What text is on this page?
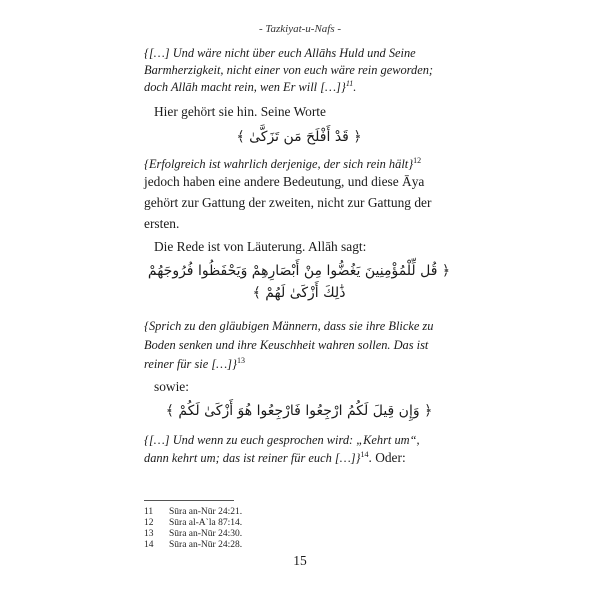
- Tazkiyat-u-Nafs -
{[…] Und wäre nicht über euch Allāhs Huld und Seine
Barmherzigkeit, nicht einer von euch wäre rein geworden;
doch Allāh macht rein, wen Er will […]}$^{11}$.
Hier gehört sie hin. Seine Worte
﴿ قَدْ أَفْلَحَ مَن تَزَكَّىٰ ﴾
{Erfolgreich ist wahrlich derjenige, der sich rein hält}$^{12}$
jedoch haben eine andere Bedeutung, und diese Āya
gehört zur Gattung der zweiten, nicht zur Gattung der
ersten.
Die Rede ist von Läuterung. Allāh sagt:
﴿ قُل لِّلْمُؤْمِنِينَ يَغُضُّوا مِنْ أَبْصَارِهِمْ وَيَحْفَظُوا فُرُوجَهُمْ
ذَٰلِكَ أَزْكَىٰ لَهُمْ ﴾
{Sprich zu den gläubigen Männern, dass sie ihre Blicke zu
Boden senken und ihre Keuschheit wahren sollen. Das ist
reiner für sie […]}$^{13}$
sowie:
﴿ وَإِن قِيلَ لَكُمُ ارْجِعُوا فَارْجِعُوا هُوَ أَزْكَىٰ لَكُمْ ﴾
{[…] Und wenn zu euch gesprochen wird: „Kehrt um“,
dann kehrt um; das ist reiner für euch […]}$^{14}$. Oder:
11 Sūra an-Nūr 24:21.
12 Sūra al-A`la 87:14.
13 Sūra an-Nūr 24:30.
14 Sūra an-Nūr 24:28.
15
